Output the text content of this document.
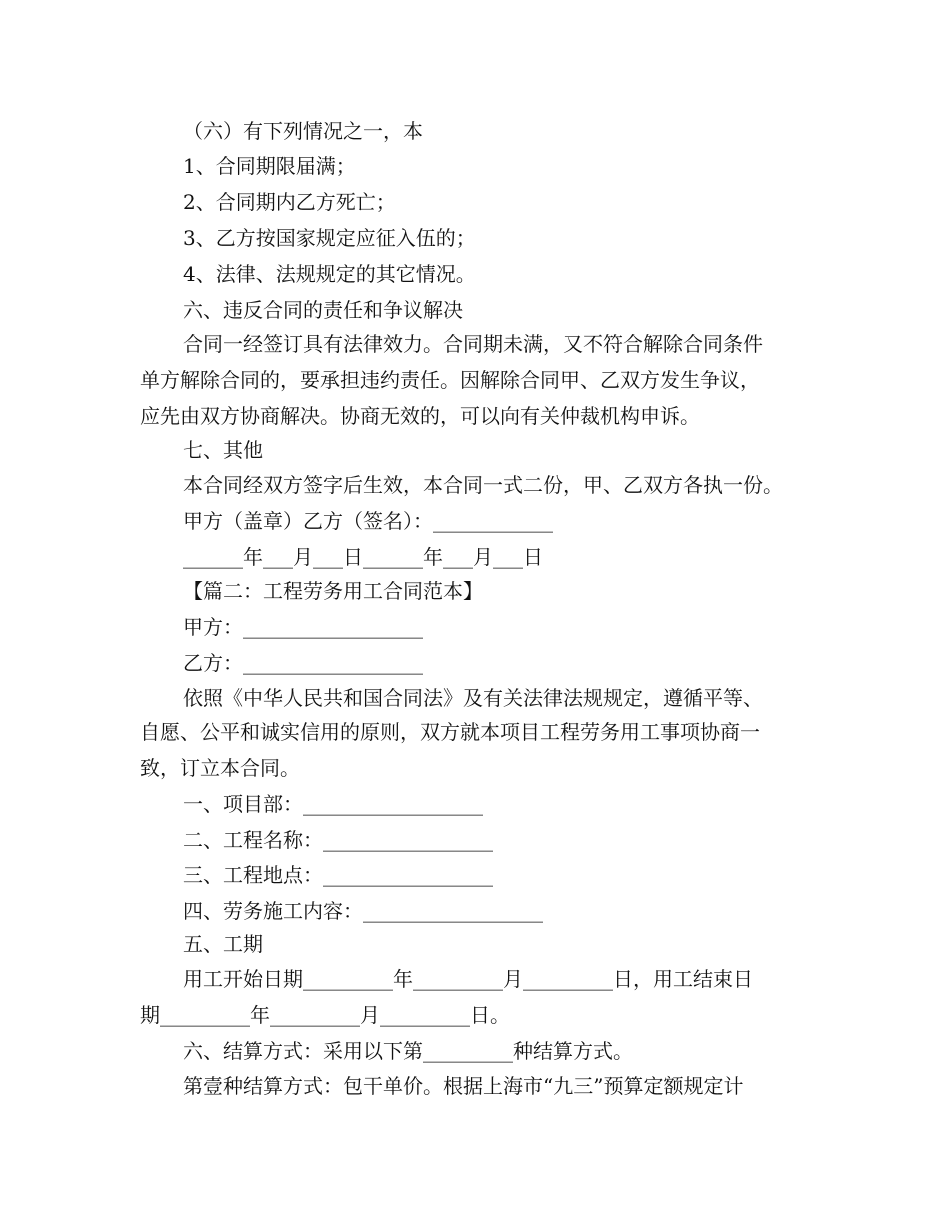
（六）有下列情况之一，本
1、合同期限届满；
2、合同期内乙方死亡；
3、乙方按国家规定应征入伍的；
4、法律、法规规定的其它情况。
六、违反合同的责任和争议解决
合同一经签订具有法律效力。合同期未满，又不符合解除合同条件
单方解除合同的，要承担违约责任。因解除合同甲、乙双方发生争议，
应先由双方协商解决。协商无效的，可以向有关仲裁机构申诉。
七、其他
本合同经双方签字后生效，本合同一式二份，甲、乙双方各执一份。
甲方（盖章）乙方（签名）：____________
______年___月___日______年___月___日
【篇二：工程劳务用工合同范本】
甲方：__________________
乙方：__________________
依照《中华人民共和国合同法》及有关法律法规规定，遵循平等、
自愿、公平和诚实信用的原则，双方就本项目工程劳务用工事项协商一
致，订立本合同。
一、项目部：__________________
二、工程名称：_________________
三、工程地点：_________________
四、劳务施工内容：__________________
五、工期
用工开始日期_________年_________月_________日，用工结束日
期_________年_________月_________日。
六、结算方式：采用以下第_________种结算方式。
第壹种结算方式：包干单价。根据上海市“九三”预算定额规定计
